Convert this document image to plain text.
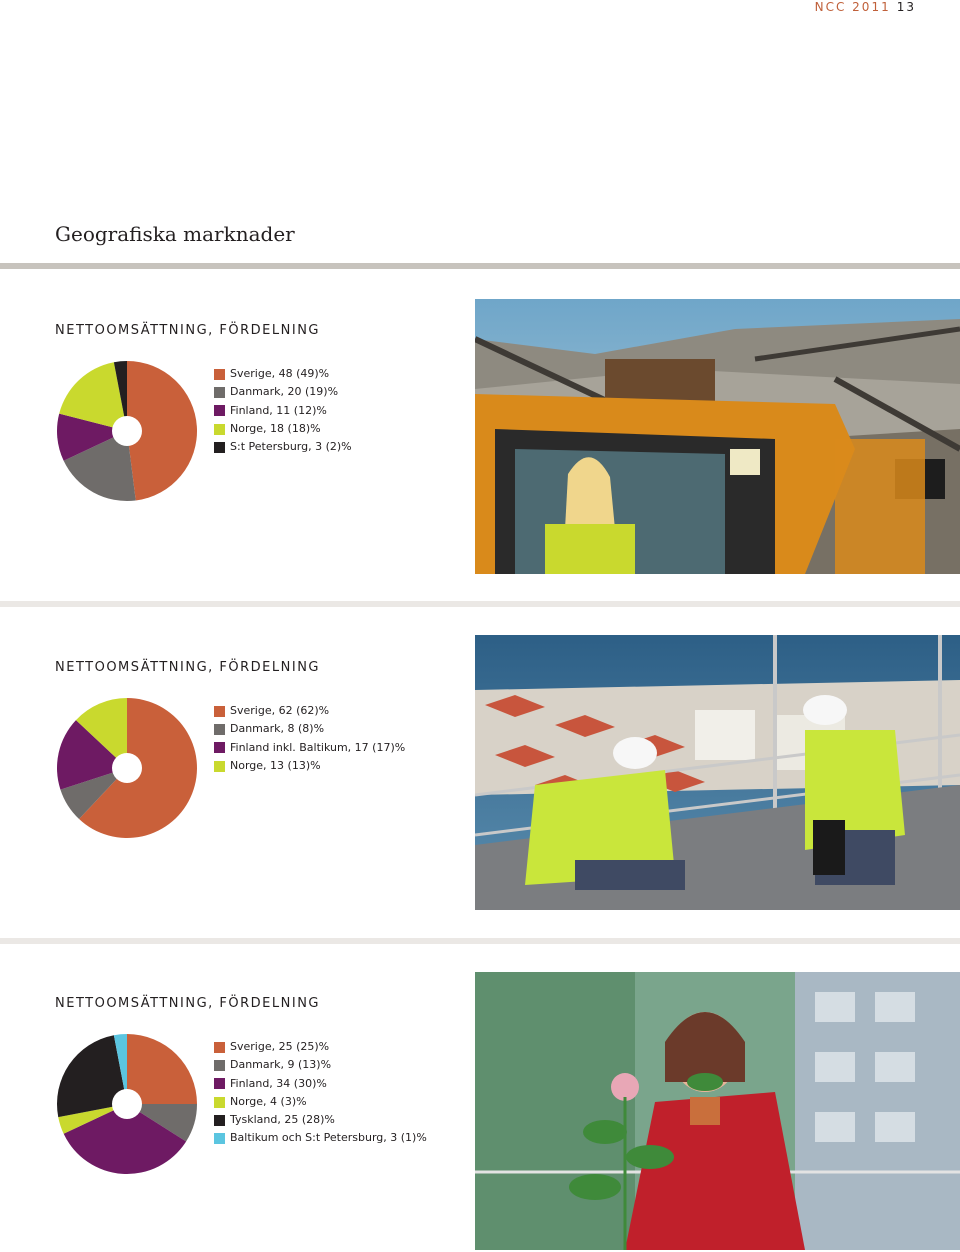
NCC 2011 13
Geografiska marknader
NETTOOMSÄTTNING, FÖRDELNING
Sverige, 48 (49)%
Danmark, 20 (19)%
Finland, 11 (12)%
Norge, 18 (18)%
S:t Petersburg, 3 (2)%
NETTOOMSÄTTNING, FÖRDELNING
Sverige, 62 (62)%
Danmark, 8 (8)%
Finland inkl. Baltikum, 17 (17)%
Norge, 13 (13)%
NETTOOMSÄTTNING, FÖRDELNING
Sverige, 25 (25)%
Danmark, 9 (13)%
Finland, 34 (30)%
Norge, 4 (3)%
Tyskland, 25 (28)%
Baltikum och S:t Petersburg, 3 (1)%
